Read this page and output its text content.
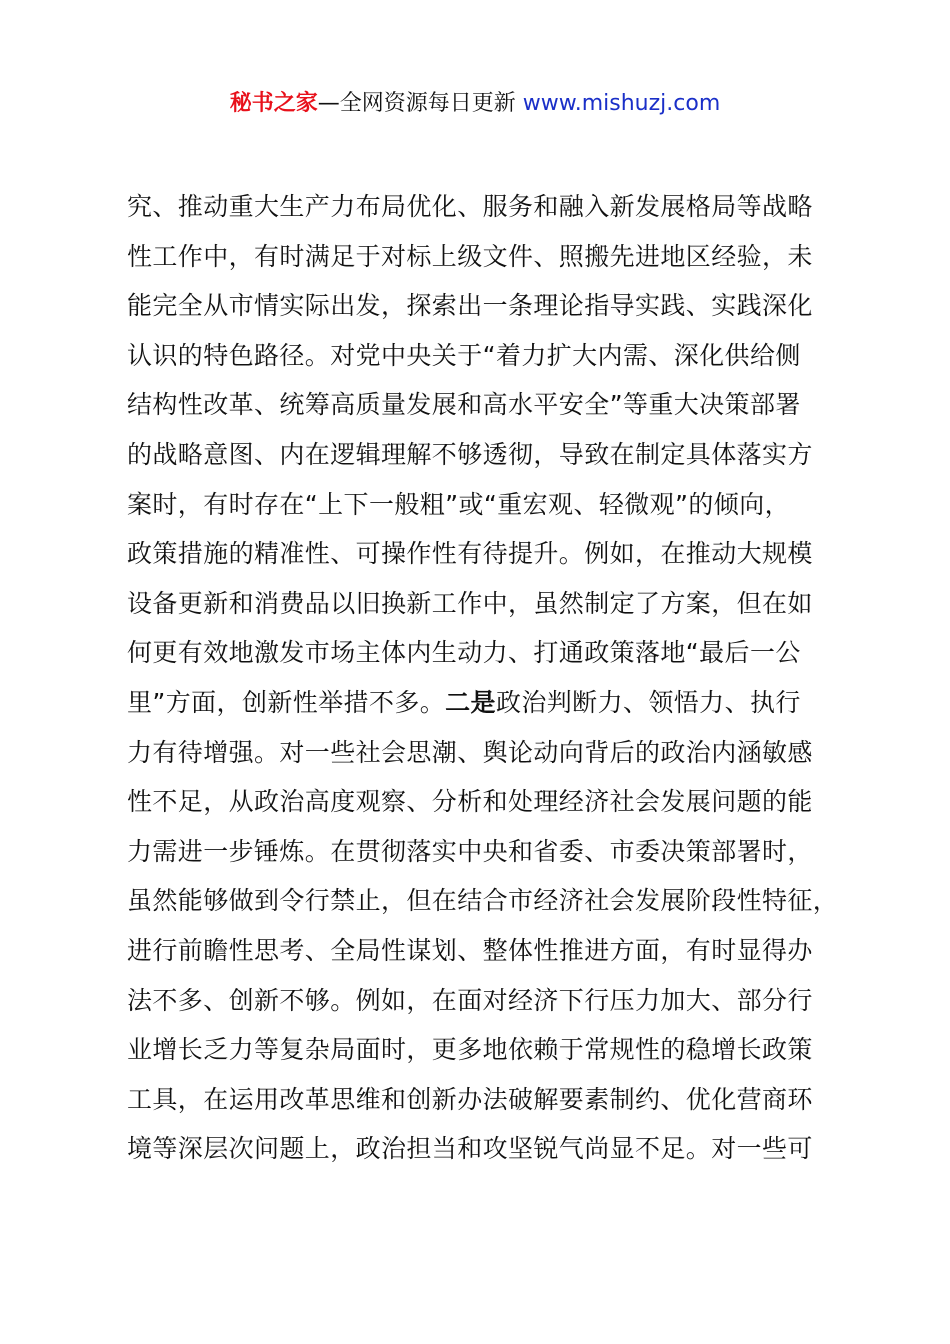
秘书之家—全网资源每日更新 www.mishuzj.com
究、推动重大生产力布局优化、服务和融入新发展格局等战略
性工作中，有时满足于对标上级文件、照搬先进地区经验，未
能完全从市情实际出发，探索出一条理论指导实践、实践深化
认识的特色路径。对党中央关于“着力扩大内需、深化供给侧
结构性改革、统筹高质量发展和高水平安全”等重大决策部署
的战略意图、内在逻辑理解不够透彻，导致在制定具体落实方
案时，有时存在“上下一般粗”或“重宏观、轻微观”的倾向，
政策措施的精准性、可操作性有待提升。例如，在推动大规模
设备更新和消费品以旧换新工作中，虽然制定了方案，但在如
何更有效地激发市场主体内生动力、打通政策落地“最后一公
里”方面，创新性举措不多。二是政治判断力、领悟力、执行
力有待增强。对一些社会思潮、舆论动向背后的政治内涵敏感
性不足，从政治高度观察、分析和处理经济社会发展问题的能
力需进一步锤炼。在贯彻落实中央和省委、市委决策部署时，
虽然能够做到令行禁止，但在结合市经济社会发展阶段性特征，
进行前瞻性思考、全局性谋划、整体性推进方面，有时显得办
法不多、创新不够。例如，在面对经济下行压力加大、部分行
业增长乏力等复杂局面时，更多地依赖于常规性的稳增长政策
工具，在运用改革思维和创新办法破解要素制约、优化营商环
境等深层次问题上，政治担当和攻坚锐气尚显不足。对一些可
